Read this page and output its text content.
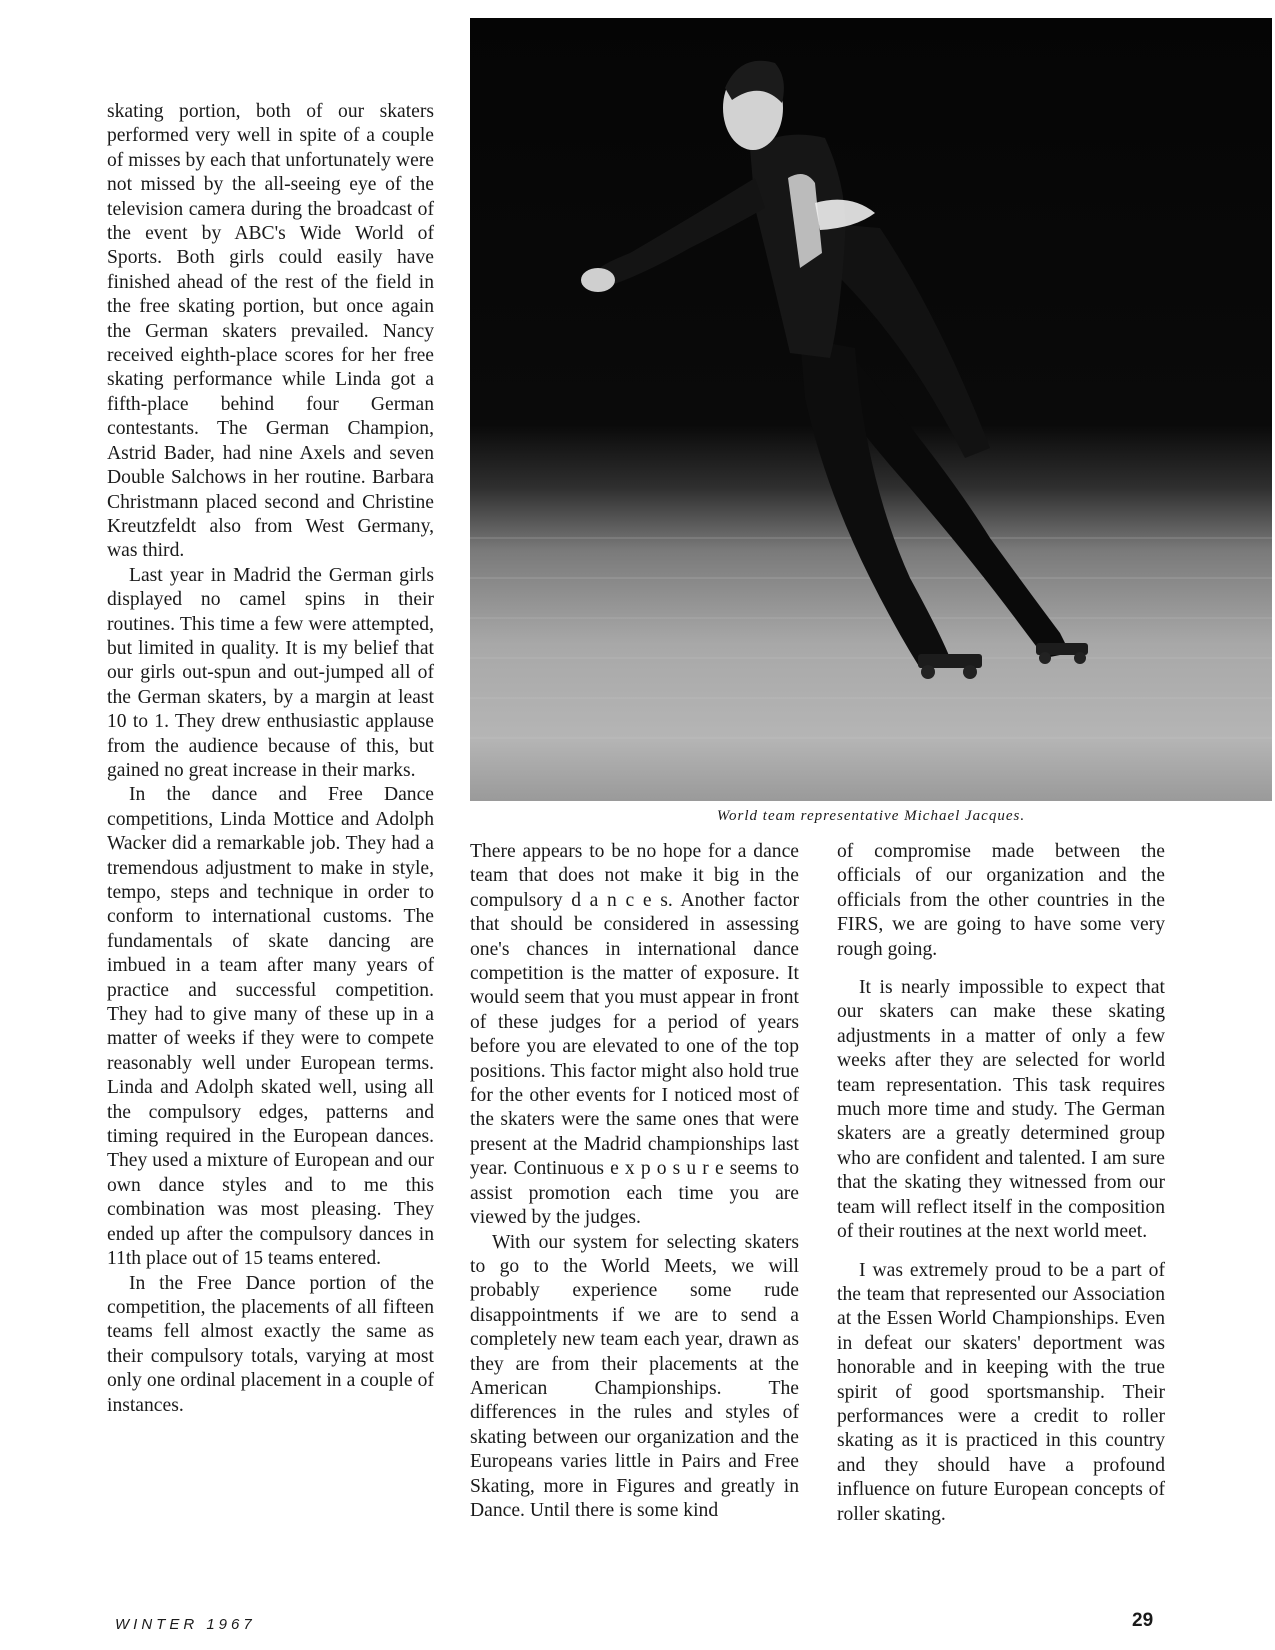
skating portion, both of our skaters performed very well in spite of a couple of misses by each that unfortunately were not missed by the all-seeing eye of the television camera during the broadcast of the event by ABC's Wide World of Sports. Both girls could easily have finished ahead of the rest of the field in the free skating portion, but once again the German skaters prevailed. Nancy received eighth-place scores for her free skating performance while Linda got a fifth-place behind four German contestants. The German Champion, Astrid Bader, had nine Axels and seven Double Salchows in her routine. Barbara Christmann placed second and Christine Kreutzfeldt also from West Germany, was third.

Last year in Madrid the German girls displayed no camel spins in their routines. This time a few were attempted, but limited in quality. It is my belief that our girls out-spun and out-jumped all of the German skaters, by a margin at least 10 to 1. They drew enthusiastic applause from the audience because of this, but gained no great increase in their marks.

In the dance and Free Dance competitions, Linda Mottice and Adolph Wacker did a remarkable job. They had a tremendous adjustment to make in style, tempo, steps and technique in order to conform to international customs. The fundamentals of skate dancing are imbued in a team after many years of practice and successful competition. They had to give many of these up in a matter of weeks if they were to compete reasonably well under European terms. Linda and Adolph skated well, using all the compulsory edges, patterns and timing required in the European dances. They used a mixture of European and our own dance styles and to me this combination was most pleasing. They ended up after the compulsory dances in 11th place out of 15 teams entered.

In the Free Dance portion of the competition, the placements of all fifteen teams fell almost exactly the same as their compulsory totals, varying at most only one ordinal placement in a couple of instances.

World team representative Michael Jacques.

There appears to be no hope for a dance team that does not make it big in the compulsory d a n c e s. Another factor that should be considered in assessing one's chances in international dance competition is the matter of exposure. It would seem that you must appear in front of these judges for a period of years before you are elevated to one of the top positions. This factor might also hold true for the other events for I noticed most of the skaters were the same ones that were present at the Madrid championships last year. Continuous e x p o s u r e seems to assist promotion each time you are viewed by the judges.

With our system for selecting skaters to go to the World Meets, we will probably experience some rude disappointments if we are to send a completely new team each year, drawn as they are from their placements at the American Championships. The differences in the rules and styles of skating between our organization and the Europeans varies little in Pairs and Free Skating, more in Figures and greatly in Dance. Until there is some kind

of compromise made between the officials of our organization and the officials from the other countries in the FIRS, we are going to have some very rough going.

It is nearly impossible to expect that our skaters can make these skating adjustments in a matter of only a few weeks after they are selected for world team representation. This task requires much more time and study. The German skaters are a greatly determined group who are confident and talented. I am sure that the skating they witnessed from our team will reflect itself in the composition of their routines at the next world meet.

I was extremely proud to be a part of the team that represented our Association at the Essen World Championships. Even in defeat our skaters' deportment was honorable and in keeping with the true spirit of good sportsmanship. Their performances were a credit to roller skating as it is practiced in this country and they should have a profound influence on future European concepts of roller skating.

WINTER 1967	29
